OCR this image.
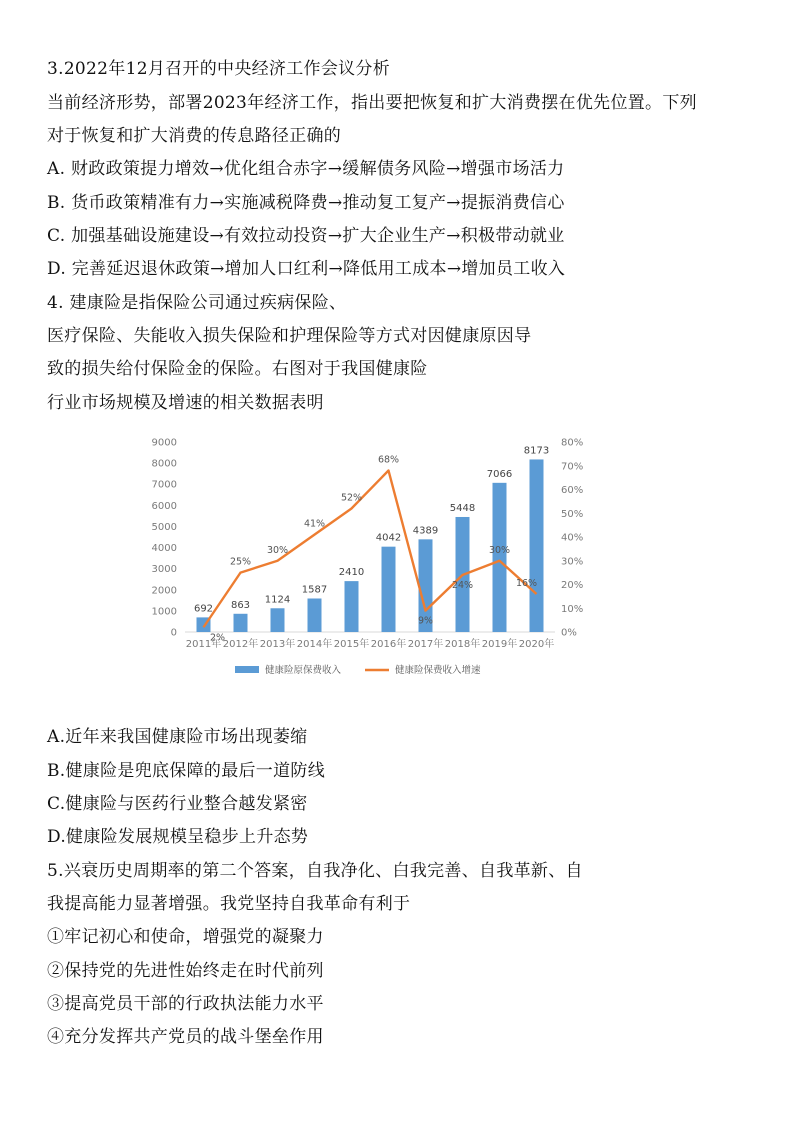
3.2022年12月召开的中央经济工作会议分析
当前经济形势，部署2023年经济工作，指出要把恢复和扩大消费摆在优先位置。下列
对于恢复和扩大消费的传息路径正确的
A. 财政政策提力增效→优化组合赤字→缓解债务风险→增强市场活力
B. 货币政策精准有力→实施减税降费→推动复工复产→提振消费信心
C. 加强基础设施建设→有效拉动投资→扩大企业生产→积极带动就业
D. 完善延迟退休政策→增加人口红利→降低用工成本→增加员工收入
4. 建康险是指保险公司通过疾病保险、
医疗保险、失能收入损失保险和护理保险等方式对因健康原因导
致的损失给付保险金的保险。右图对于我国健康险
行业市场规模及增速的相关数据表明
0
1000
2000
3000
4000
5000
6000
7000
8000
9000
0%
10%
20%
30%
40%
50%
60%
70%
80%
2011年 2012年 2013年 2014年 2015年 2016年 2017年 2018年 2019年 2020年
692 863
1124
1587
2410
4042
4389
5448
7066
8173
2%
25%
30%
41%
52%
68%
9%
24%
30%
16%
健康险原保费收入	健康险保费收入增速
A.近年来我国健康险市场出现萎缩
B.健康险是兜底保障的最后一道防线
C.健康险与医药行业整合越发紧密
D.健康险发展规模呈稳步上升态势
5.兴衰历史周期率的第二个答案，自我净化、白我完善、自我革新、自
我提高能力显著增强。我党坚持自我革命有利于
①牢记初心和使命，增强党的凝聚力
②保持党的先进性始终走在时代前列
③提高党员干部的行政执法能力水平
④充分发挥共产党员的战斗堡垒作用
